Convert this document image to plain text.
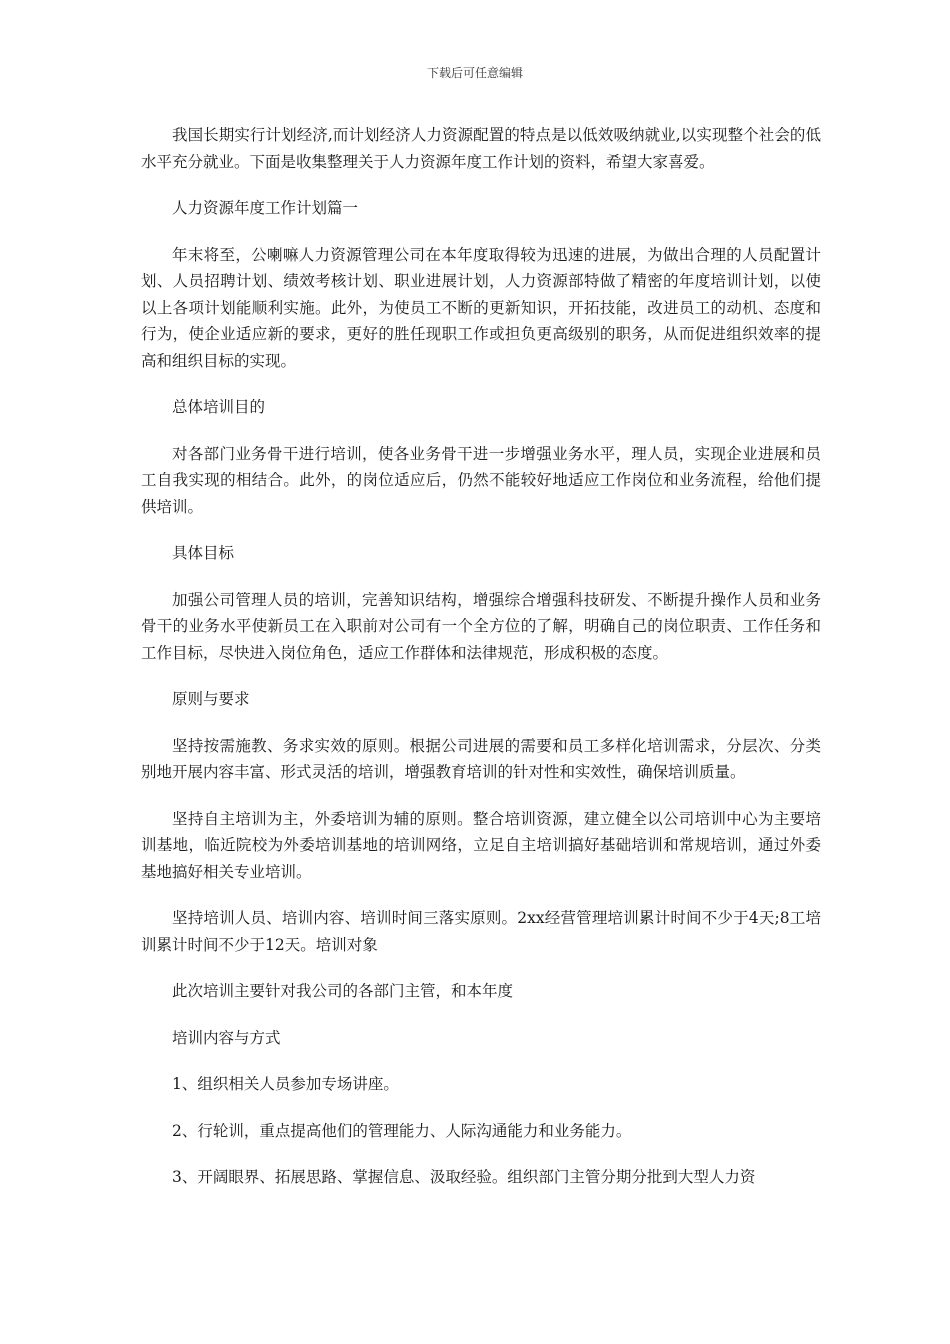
下载后可任意编辑

我国长期实行计划经济,而计划经济人力资源配置的特点是以低效吸纳就业,以实现整个社会的低水平充分就业。下面是收集整理关于人力资源年度工作计划的资料，希望大家喜爱。

人力资源年度工作计划篇一

年末将至，公喇嘛人力资源管理公司在本年度取得较为迅速的进展，为做出合理的人员配置计划、人员招聘计划、绩效考核计划、职业进展计划，人力资源部特做了精密的年度培训计划，以使以上各项计划能顺利实施。此外，为使员工不断的更新知识，开拓技能，改进员工的动机、态度和行为，使企业适应新的要求，更好的胜任现职工作或担负更高级别的职务，从而促进组织效率的提高和组织目标的实现。

总体培训目的

对各部门业务骨干进行培训，使各业务骨干进一步增强业务水平，理人员，实现企业进展和员工自我实现的相结合。此外，的岗位适应后，仍然不能较好地适应工作岗位和业务流程，给他们提供培训。

具体目标

加强公司管理人员的培训，完善知识结构，增强综合增强科技研发、不断提升操作人员和业务骨干的业务水平使新员工在入职前对公司有一个全方位的了解，明确自己的岗位职责、工作任务和工作目标，尽快进入岗位角色，适应工作群体和法律规范，形成积极的态度。

原则与要求

坚持按需施教、务求实效的原则。根据公司进展的需要和员工多样化培训需求，分层次、分类别地开展内容丰富、形式灵活的培训，增强教育培训的针对性和实效性，确保培训质量。

坚持自主培训为主，外委培训为辅的原则。整合培训资源，建立健全以公司培训中心为主要培训基地，临近院校为外委培训基地的培训网络，立足自主培训搞好基础培训和常规培训，通过外委基地搞好相关专业培训。

坚持培训人员、培训内容、培训时间三落实原则。2xx经营管理培训累计时间不少于4天;8工培训累计时间不少于12天。培训对象

此次培训主要针对我公司的各部门主管，和本年度

培训内容与方式

1、组织相关人员参加专场讲座。

2、行轮训，重点提高他们的管理能力、人际沟通能力和业务能力。

3、开阔眼界、拓展思路、掌握信息、汲取经验。组织部门主管分期分批到大型人力资
